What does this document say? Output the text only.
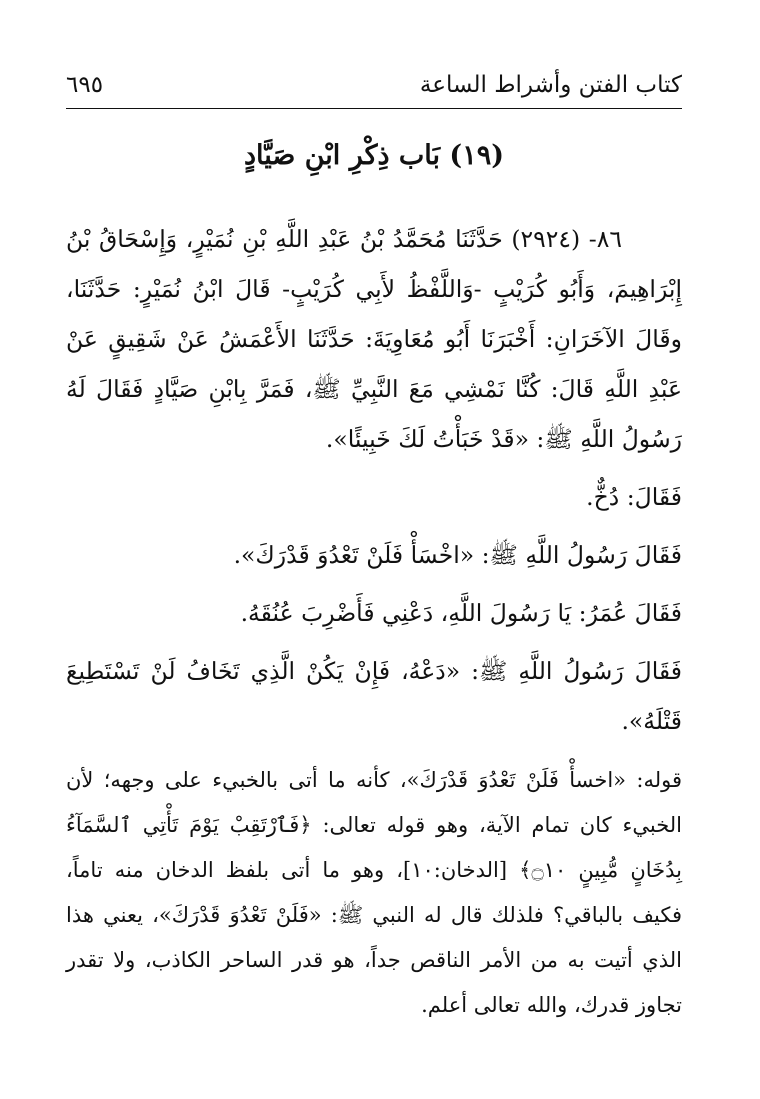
كتاب الفتن وأشراط الساعة
٦٩٥
(١٩) بَاب ذِكْرِ ابْنِ صَيَّادٍ

٨٦- (٢٩٢٤) حَدَّثَنَا مُحَمَّدُ بْنُ عَبْدِ اللَّهِ بْنِ نُمَيْرٍ، وَإِسْحَاقُ بْنُ إِبْرَاهِيمَ، وَأَبُو كُرَيْبٍ -وَاللَّفْظُ لأَبِي كُرَيْبٍ- قَالَ ابْنُ نُمَيْرٍ: حَدَّثَنَا، وقَالَ الآخَرَانِ: أَخْبَرَنَا أَبُو مُعَاوِيَةَ: حَدَّثَنَا الأَعْمَشُ عَنْ شَقِيقٍ عَنْ عَبْدِ اللَّهِ قَالَ: كُنَّا نَمْشِي مَعَ النَّبِيِّ ﷺ، فَمَرَّ بِابْنِ صَيَّادٍ فَقَالَ لَهُ رَسُولُ اللَّهِ ﷺ: «قَدْ خَبَأْتُ لَكَ خَبِيئًا».

فَقَالَ: دُخٌّ.

فَقَالَ رَسُولُ اللَّهِ ﷺ: «اخْسَأْ فَلَنْ تَعْدُوَ قَدْرَكَ».

فَقَالَ عُمَرُ: يَا رَسُولَ اللَّهِ، دَعْنِي فَأَضْرِبَ عُنُقَهُ.

فَقَالَ رَسُولُ اللَّهِ ﷺ: «دَعْهُ، فَإِنْ يَكُنْ الَّذِي تَخَافُ لَنْ تَسْتَطِيعَ قَتْلَهُ».

قوله: «اخسأْ فَلَنْ تَعْدُوَ قَدْرَكَ»، كأنه ما أتى بالخبيء على وجهه؛ لأن الخبيء كان تمام الآية، وهو قوله تعالى: ﴿فَٱرْتَقِبْ يَوْمَ تَأْتِي ٱلسَّمَآءُ بِدُخَانٍ مُّبِينٍ ۝١٠﴾ [الدخان:١٠]، وهو ما أتى بلفظ الدخان منه تاماً، فكيف بالباقي؟ فلذلك قال له النبي ﷺ: «فَلَنْ تَعْدُوَ قَدْرَكَ»، يعني هذا الذي أتيت به من الأمر الناقص جداً، هو قدر الساحر الكاذب، ولا تقدر تجاوز قدرك، والله تعالى أعلم.
